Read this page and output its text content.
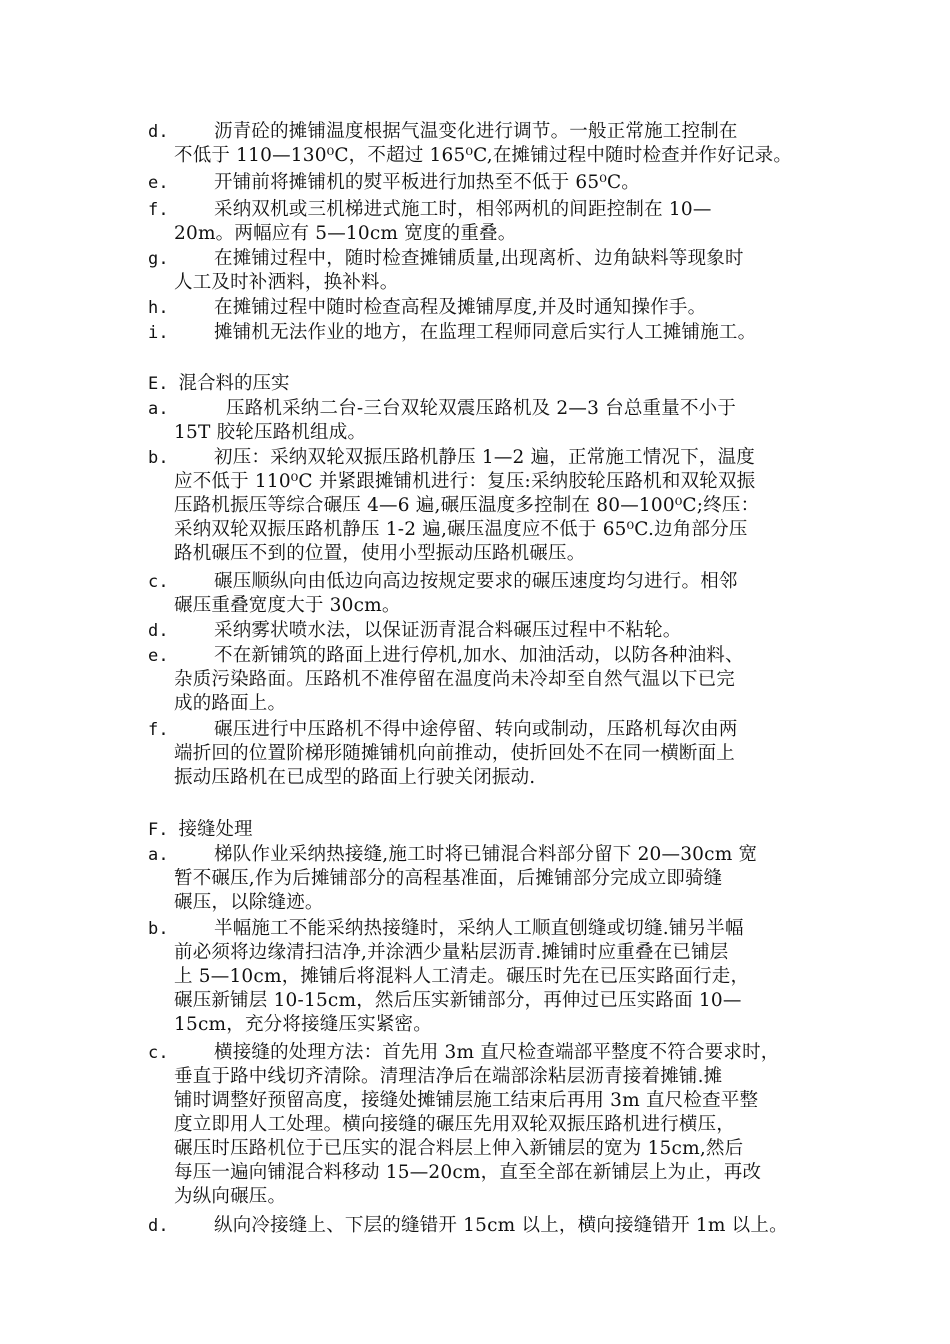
d. 沥青砼的摊铺温度根据气温变化进行调节。一般正常施工控制在
不低于 110—130⁰C，不超过 165⁰C,在摊铺过程中随时检查并作好记录。
e. 开铺前将摊铺机的熨平板进行加热至不低于 65⁰C。
f. 采纳双机或三机梯进式施工时，相邻两机的间距控制在 10—
20m。两幅应有 5—10cm 宽度的重叠。
g. 在摊铺过程中，随时检查摊铺质量,出现离析、边角缺料等现象时
人工及时补洒料，换补料。
h. 在摊铺过程中随时检查高程及摊铺厚度,并及时通知操作手。
i. 摊铺机无法作业的地方，在监理工程师同意后实行人工摊铺施工。
E. 混合料的压实
a.	压路机采纳二台-三台双轮双震压路机及 2—3 台总重量不小于
15T 胶轮压路机组成。
b. 初压：采纳双轮双振压路机静压 1—2 遍，正常施工情况下，温度
应不低于 110⁰C 并紧跟摊铺机进行：复压:采纳胶轮压路机和双轮双振
压路机振压等综合碾压 4—6 遍,碾压温度多控制在 80—100⁰C;终压：
采纳双轮双振压路机静压 1-2 遍,碾压温度应不低于 65⁰C.边角部分压
路机碾压不到的位置，使用小型振动压路机碾压。
c. 碾压顺纵向由低边向高边按规定要求的碾压速度均匀进行。相邻
碾压重叠宽度大于 30cm。
d. 采纳雾状喷水法，以保证沥青混合料碾压过程中不粘轮。
e. 不在新铺筑的路面上进行停机,加水、加油活动，以防各种油料、
杂质污染路面。压路机不准停留在温度尚未冷却至自然气温以下已完
成的路面上。
f. 碾压进行中压路机不得中途停留、转向或制动，压路机每次由两
端折回的位置阶梯形随摊铺机向前推动，使折回处不在同一横断面上
振动压路机在已成型的路面上行驶关闭振动.
F. 接缝处理
a. 梯队作业采纳热接缝,施工时将已铺混合料部分留下 20—30cm 宽
暂不碾压,作为后摊铺部分的高程基准面，后摊铺部分完成立即骑缝
碾压，以除缝迹。
b. 半幅施工不能采纳热接缝时，采纳人工顺直刨缝或切缝.铺另半幅
前必须将边缘清扫洁净,并涂洒少量粘层沥青.摊铺时应重叠在已铺层
上 5—10cm，摊铺后将混料人工清走。碾压时先在已压实路面行走，
碾压新铺层 10-15cm，然后压实新铺部分，再伸过已压实路面 10—
15cm，充分将接缝压实紧密。
c. 横接缝的处理方法：首先用 3m 直尺检查端部平整度不符合要求时，
垂直于路中线切齐清除。清理洁净后在端部涂粘层沥青接着摊铺.摊
铺时调整好预留高度，接缝处摊铺层施工结束后再用 3m 直尺检查平整
度立即用人工处理。横向接缝的碾压先用双轮双振压路机进行横压，
碾压时压路机位于已压实的混合料层上伸入新铺层的宽为 15cm,然后
每压一遍向铺混合料移动 15—20cm，直至全部在新铺层上为止，再改
为纵向碾压。
d. 纵向冷接缝上、下层的缝错开 15cm 以上，横向接缝错开 1m 以上。
